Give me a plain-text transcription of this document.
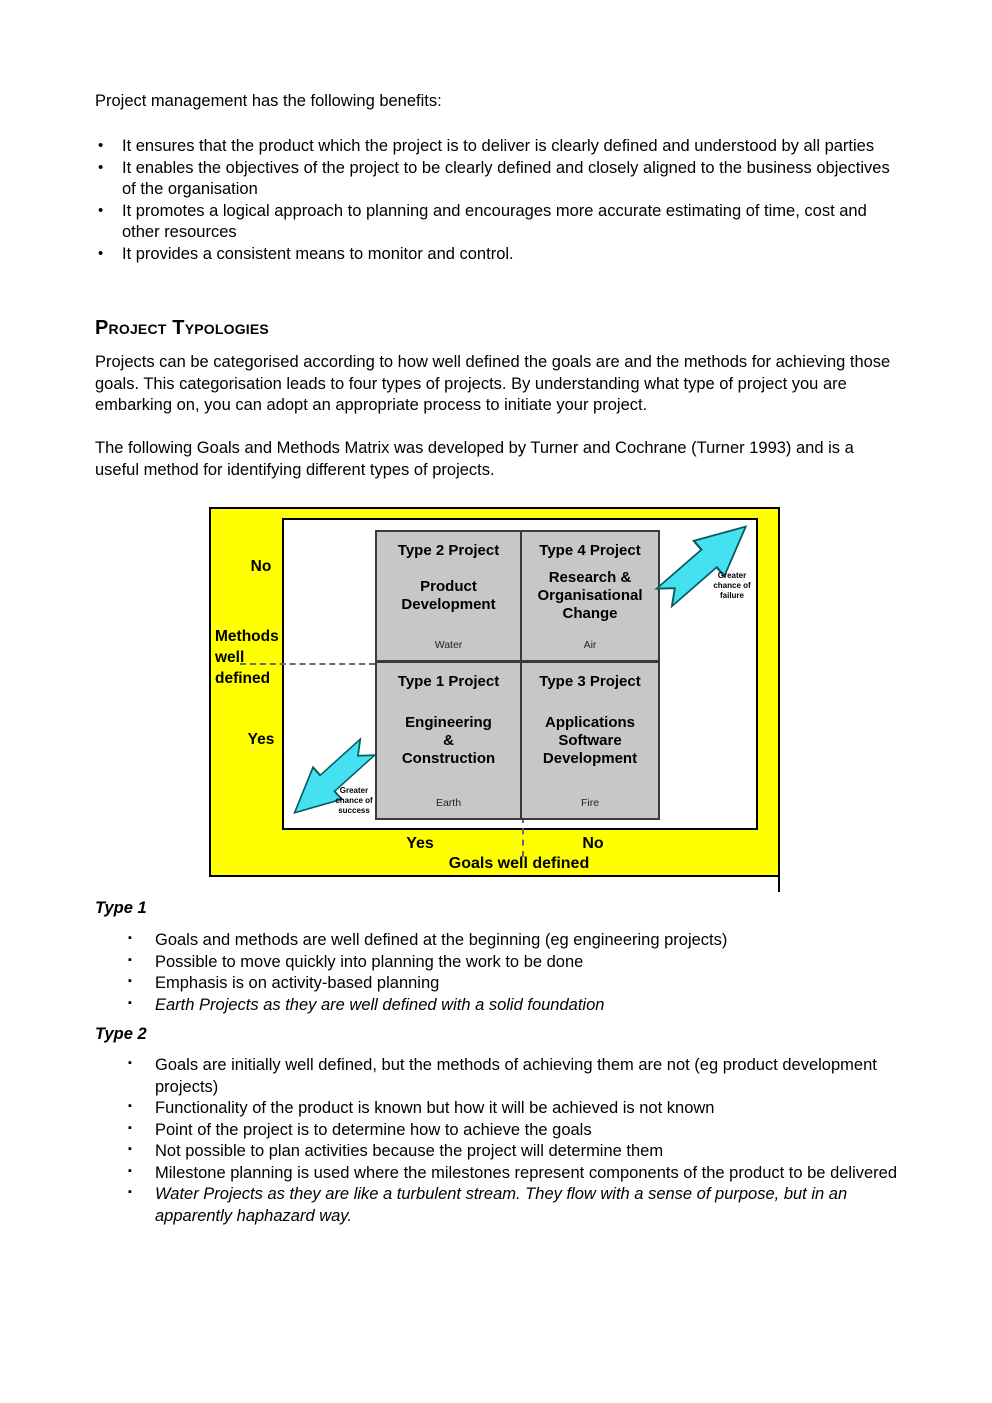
Project management has the following benefits:
• It ensures that the product which the project is to deliver is clearly defined and understood by all parties
• It enables the objectives of the project to be clearly defined and closely aligned to the business objectives of the organisation
• It promotes a logical approach to planning and encourages more accurate estimating of time, cost and other resources
• It provides a consistent means to monitor and control.
Project Typologies
Projects can be categorised according to how well defined the goals are and the methods for achieving those goals. This categorisation leads to four types of projects. By understanding what type of project you are embarking on, you can adopt an appropriate process to initiate your project.
The following Goals and Methods Matrix was developed by Turner and Cochrane (Turner 1993) and is a useful method for identifying different types of projects.
No
Methods well defined
Yes
Type 2 Project
Product
Development
Water
Type 4 Project
Research &
Organisational
Change
Air
Type 1 Project
Engineering
&
Construction
Earth
Type 3 Project
Applications
Software
Development
Fire
Greater chance of failure
Greater chance of success
Yes	No
Goals well defined
Type 1
▪ Goals and methods are well defined at the beginning (eg engineering projects)
▪ Possible to move quickly into planning the work to be done
▪ Emphasis is on activity-based planning
▪ Earth Projects as they are well defined with a solid foundation
Type 2
▪ Goals are initially well defined, but the methods of achieving them are not (eg product development projects)
▪ Functionality of the product is known but how it will be achieved is not known
▪ Point of the project is to determine how to achieve the goals
▪ Not possible to plan activities because the project will determine them
▪ Milestone planning is used where the milestones represent components of the product to be delivered
▪ Water Projects as they are like a turbulent stream. They flow with a sense of purpose, but in an apparently haphazard way.
